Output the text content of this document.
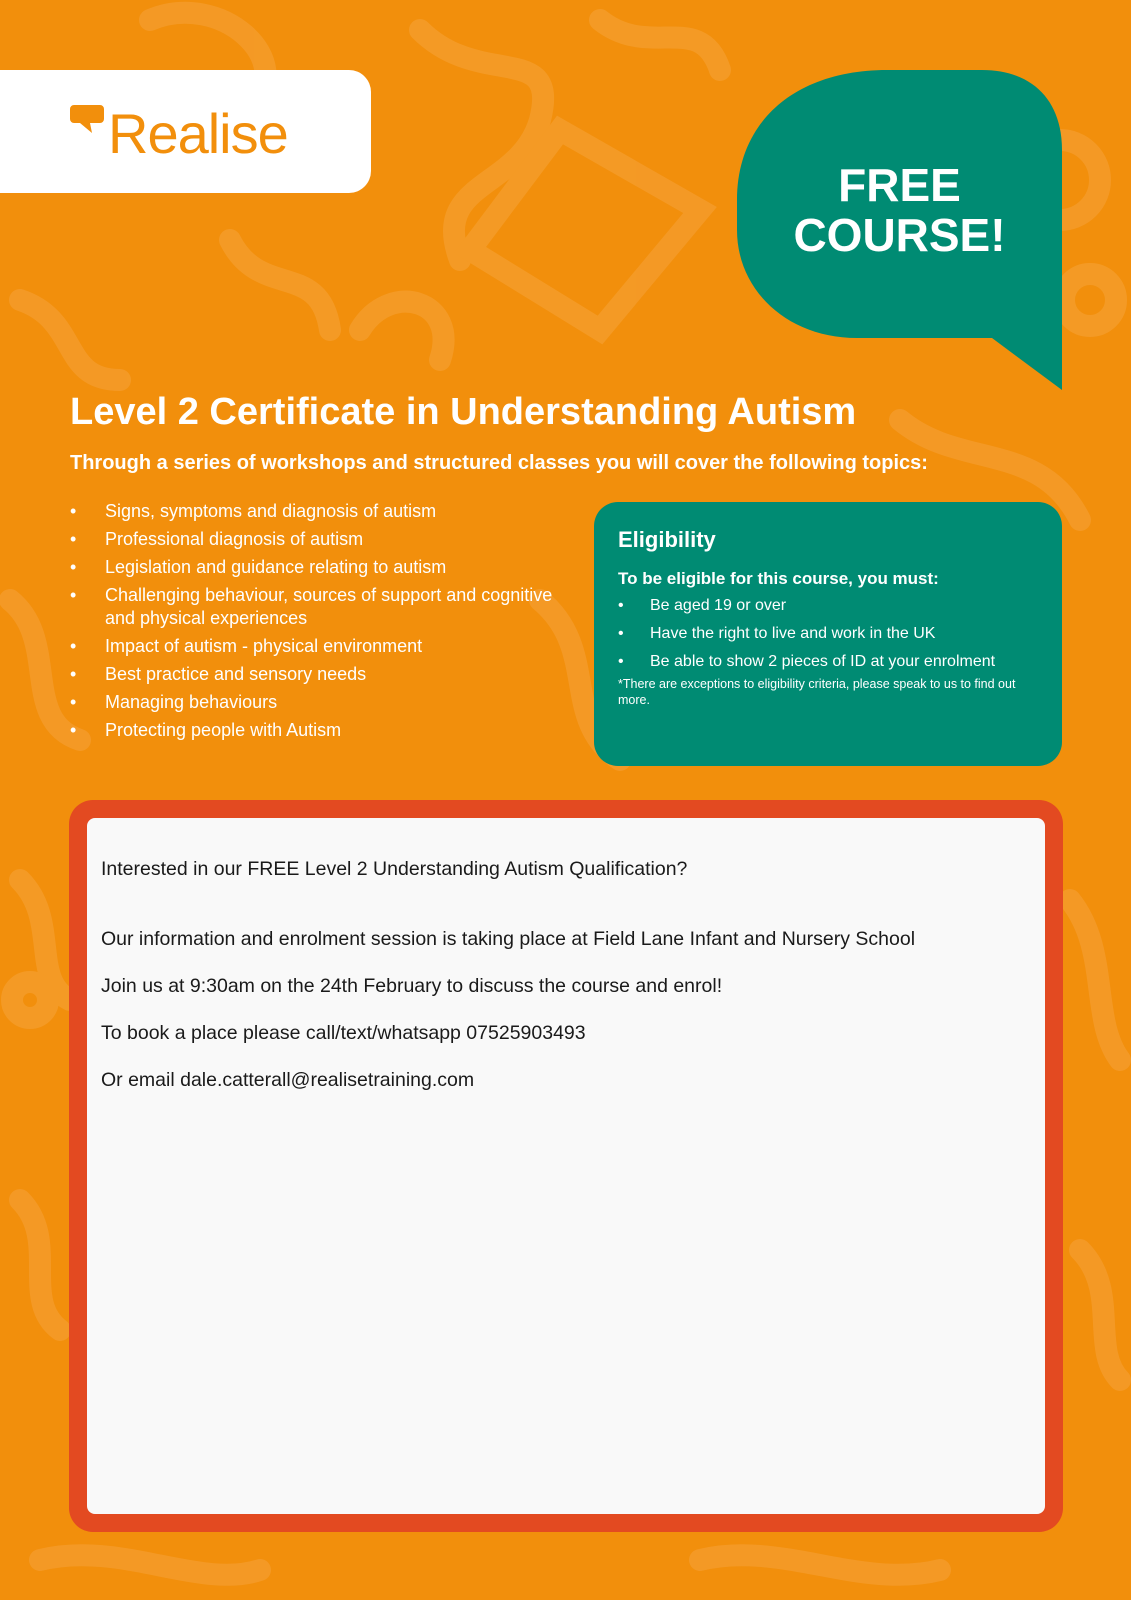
Realise
FREE
COURSE!
Level 2 Certificate in Understanding Autism

Through a series of workshops and structured classes you will cover the following topics:

• Signs, symptoms and diagnosis of autism
• Professional diagnosis of autism
• Legislation and guidance relating to autism
• Challenging behaviour, sources of support and cognitive and physical experiences
• Impact of autism - physical environment
• Best practice and sensory needs
• Managing behaviours
• Protecting people with Autism

Eligibility

To be eligible for this course, you must:

• Be aged 19 or over
• Have the right to live and work in the UK
• Be able to show 2 pieces of ID at your enrolment

*There are exceptions to eligibility criteria, please speak to us to find out more.

Interested in our FREE Level 2 Understanding Autism Qualification?

Our information and enrolment session is taking place at Field Lane Infant and Nursery School

Join us at 9:30am on the 24th February to discuss the course and enrol!

To book a place please call/text/whatsapp 07525903493

Or email dale.catterall@realisetraining.com
